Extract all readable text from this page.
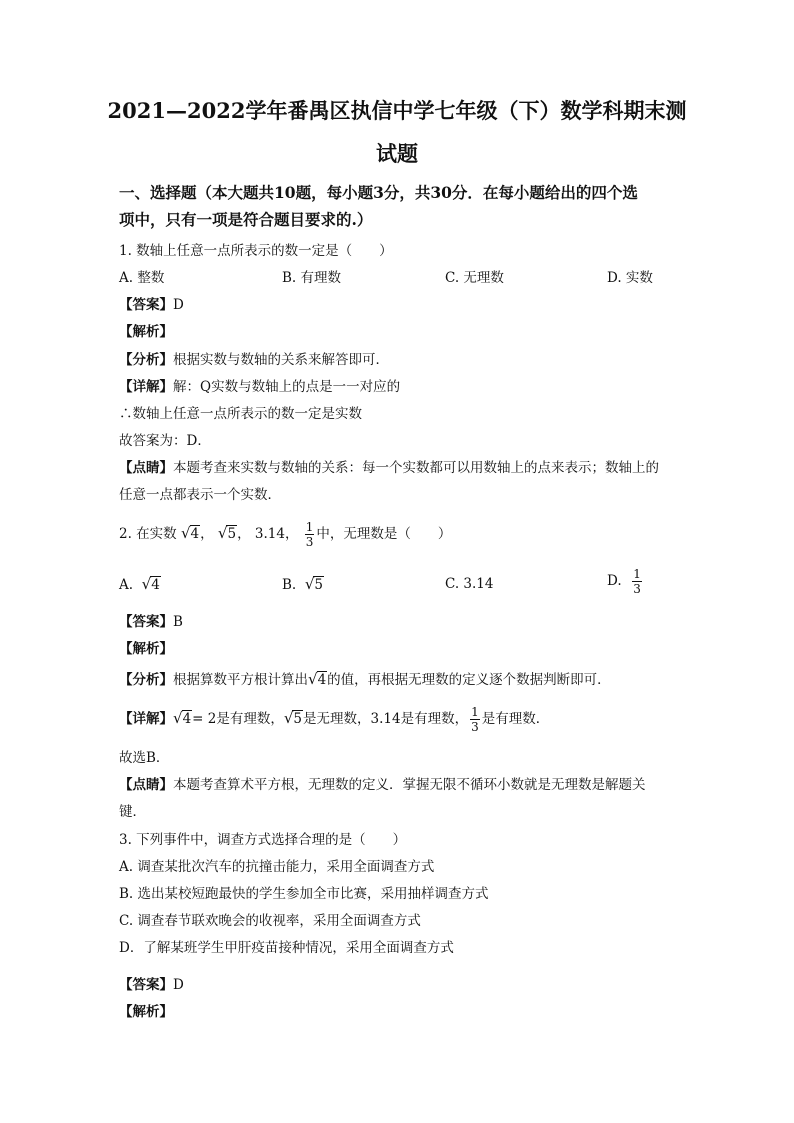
2021—2022学年番禺区执信中学七年级（下）数学科期末测
试题
一、选择题（本大题共10题，每小题3分，共30分．在每小题给出的四个选
项中，只有一项是符合题目要求的.）
1. 数轴上任意一点所表示的数一定是（　　）
A. 整数	B. 有理数	C. 无理数	D. 实数
【答案】D
【解析】
【分析】根据实数与数轴的关系来解答即可．
【详解】解：Q实数与数轴上的点是一一对应的
∴数轴上任意一点所表示的数一定是实数
故答案为：D．
【点睛】本题考查来实数与数轴的关系：每一个实数都可以用数轴上的点来表示；数轴上的
任意一点都表示一个实数．
2. 在实数 √4， √5， 3.14， $\frac{1}{3}$ 中，无理数是（　　）
A. √4	B. √5	C. 3.14	D. $\frac{1}{3}$
【答案】B
【解析】
【分析】根据算数平方根计算出√4的值，再根据无理数的定义逐个数据判断即可．
【详解】√4= 2是有理数，√5是无理数，3.14是有理数， $\frac{1}{3}$ 是有理数．
故选B．
【点睛】本题考查算术平方根，无理数的定义．掌握无限不循环小数就是无理数是解题关
键．
3. 下列事件中，调查方式选择合理的是（　　）
A. 调查某批次汽车的抗撞击能力，采用全面调查方式
B. 选出某校短跑最快的学生参加全市比赛，采用抽样调查方式
C. 调查春节联欢晚会的收视率，采用全面调查方式
D．了解某班学生甲肝疫苗接种情况，采用全面调查方式
【答案】D
【解析】
